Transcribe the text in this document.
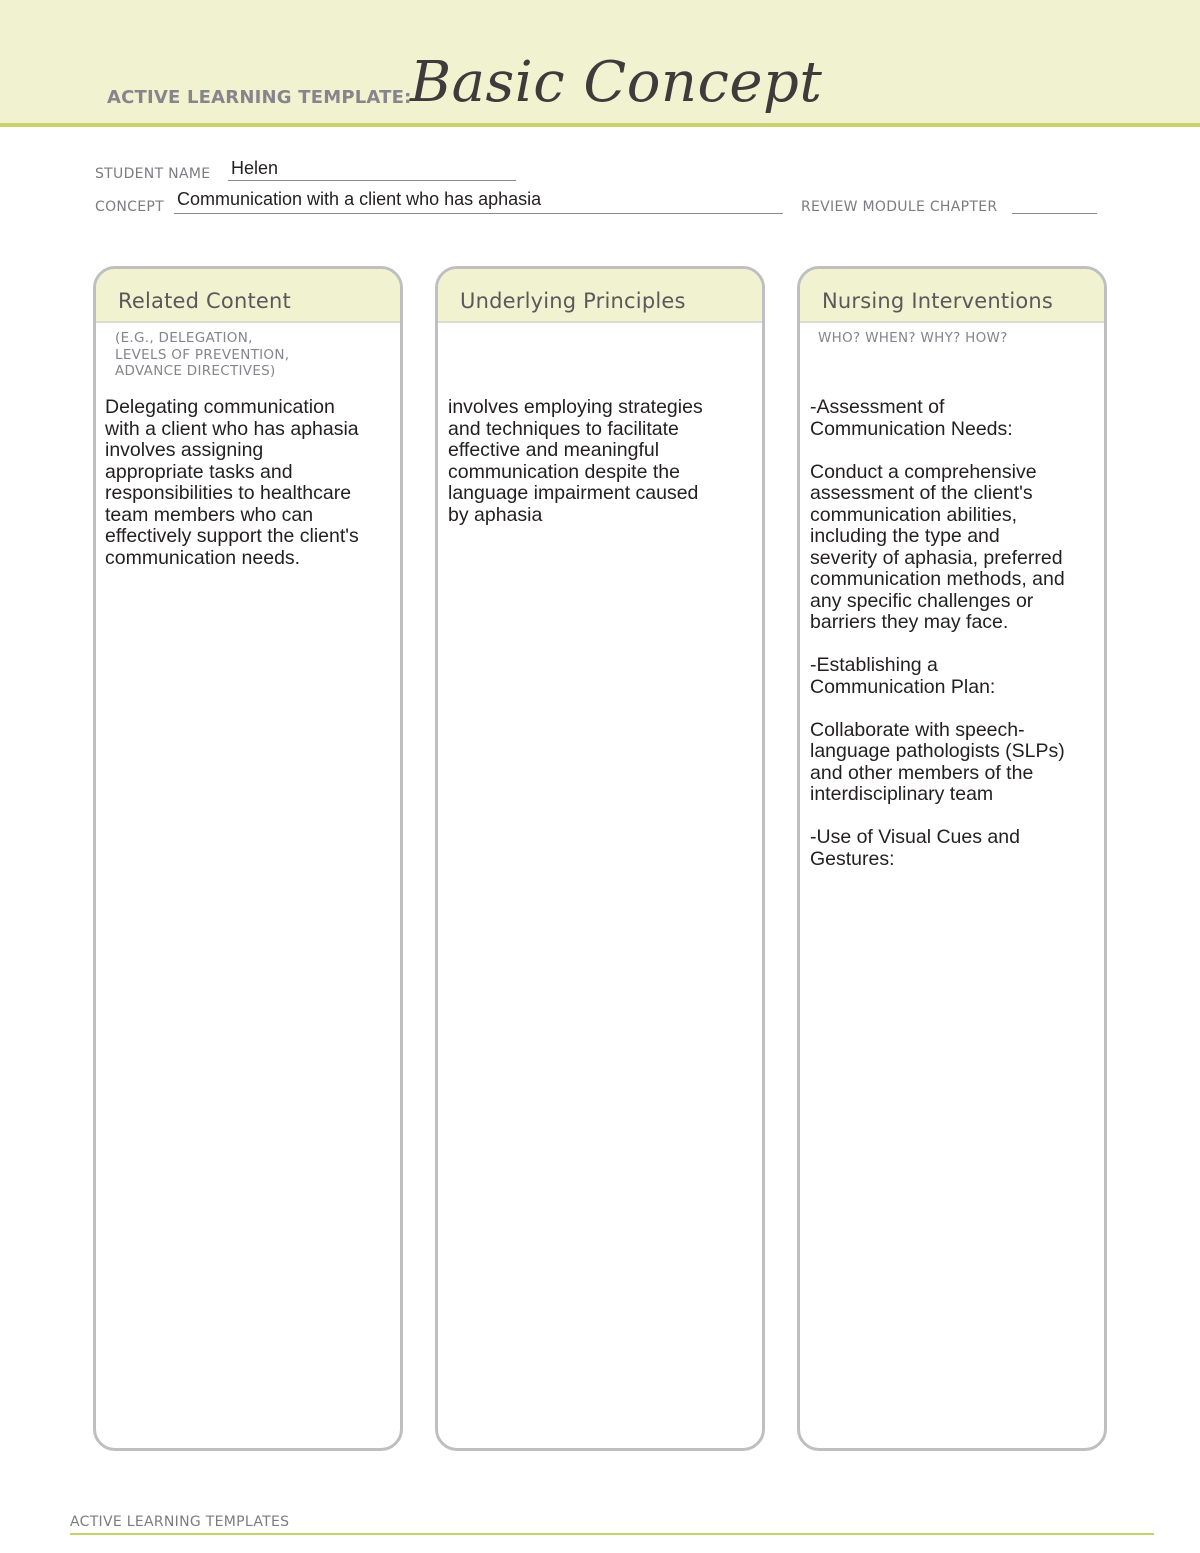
ACTIVE LEARNING TEMPLATE:
Basic Concept
STUDENT NAME Helen
CONCEPT Communication with a client who has aphasia	REVIEW MODULE CHAPTER
Related Content
(E.G., DELEGATION,
LEVELS OF PREVENTION,
ADVANCE DIRECTIVES)
Delegating communication
with a client who has aphasia
involves assigning
appropriate tasks and
responsibilities to healthcare
team members who can
effectively support the client's
communication needs.
Underlying Principles
involves employing strategies
and techniques to facilitate
effective and meaningful
communication despite the
language impairment caused
by aphasia
Nursing Interventions
WHO? WHEN? WHY? HOW?
-Assessment of
Communication Needs:

Conduct a comprehensive
assessment of the client's
communication abilities,
including the type and
severity of aphasia, preferred
communication methods, and
any specific challenges or
barriers they may face.

-Establishing a
Communication Plan:

Collaborate with speech-
language pathologists (SLPs)
and other members of the
interdisciplinary team

-Use of Visual Cues and
Gestures:
ACTIVE LEARNING TEMPLATES
